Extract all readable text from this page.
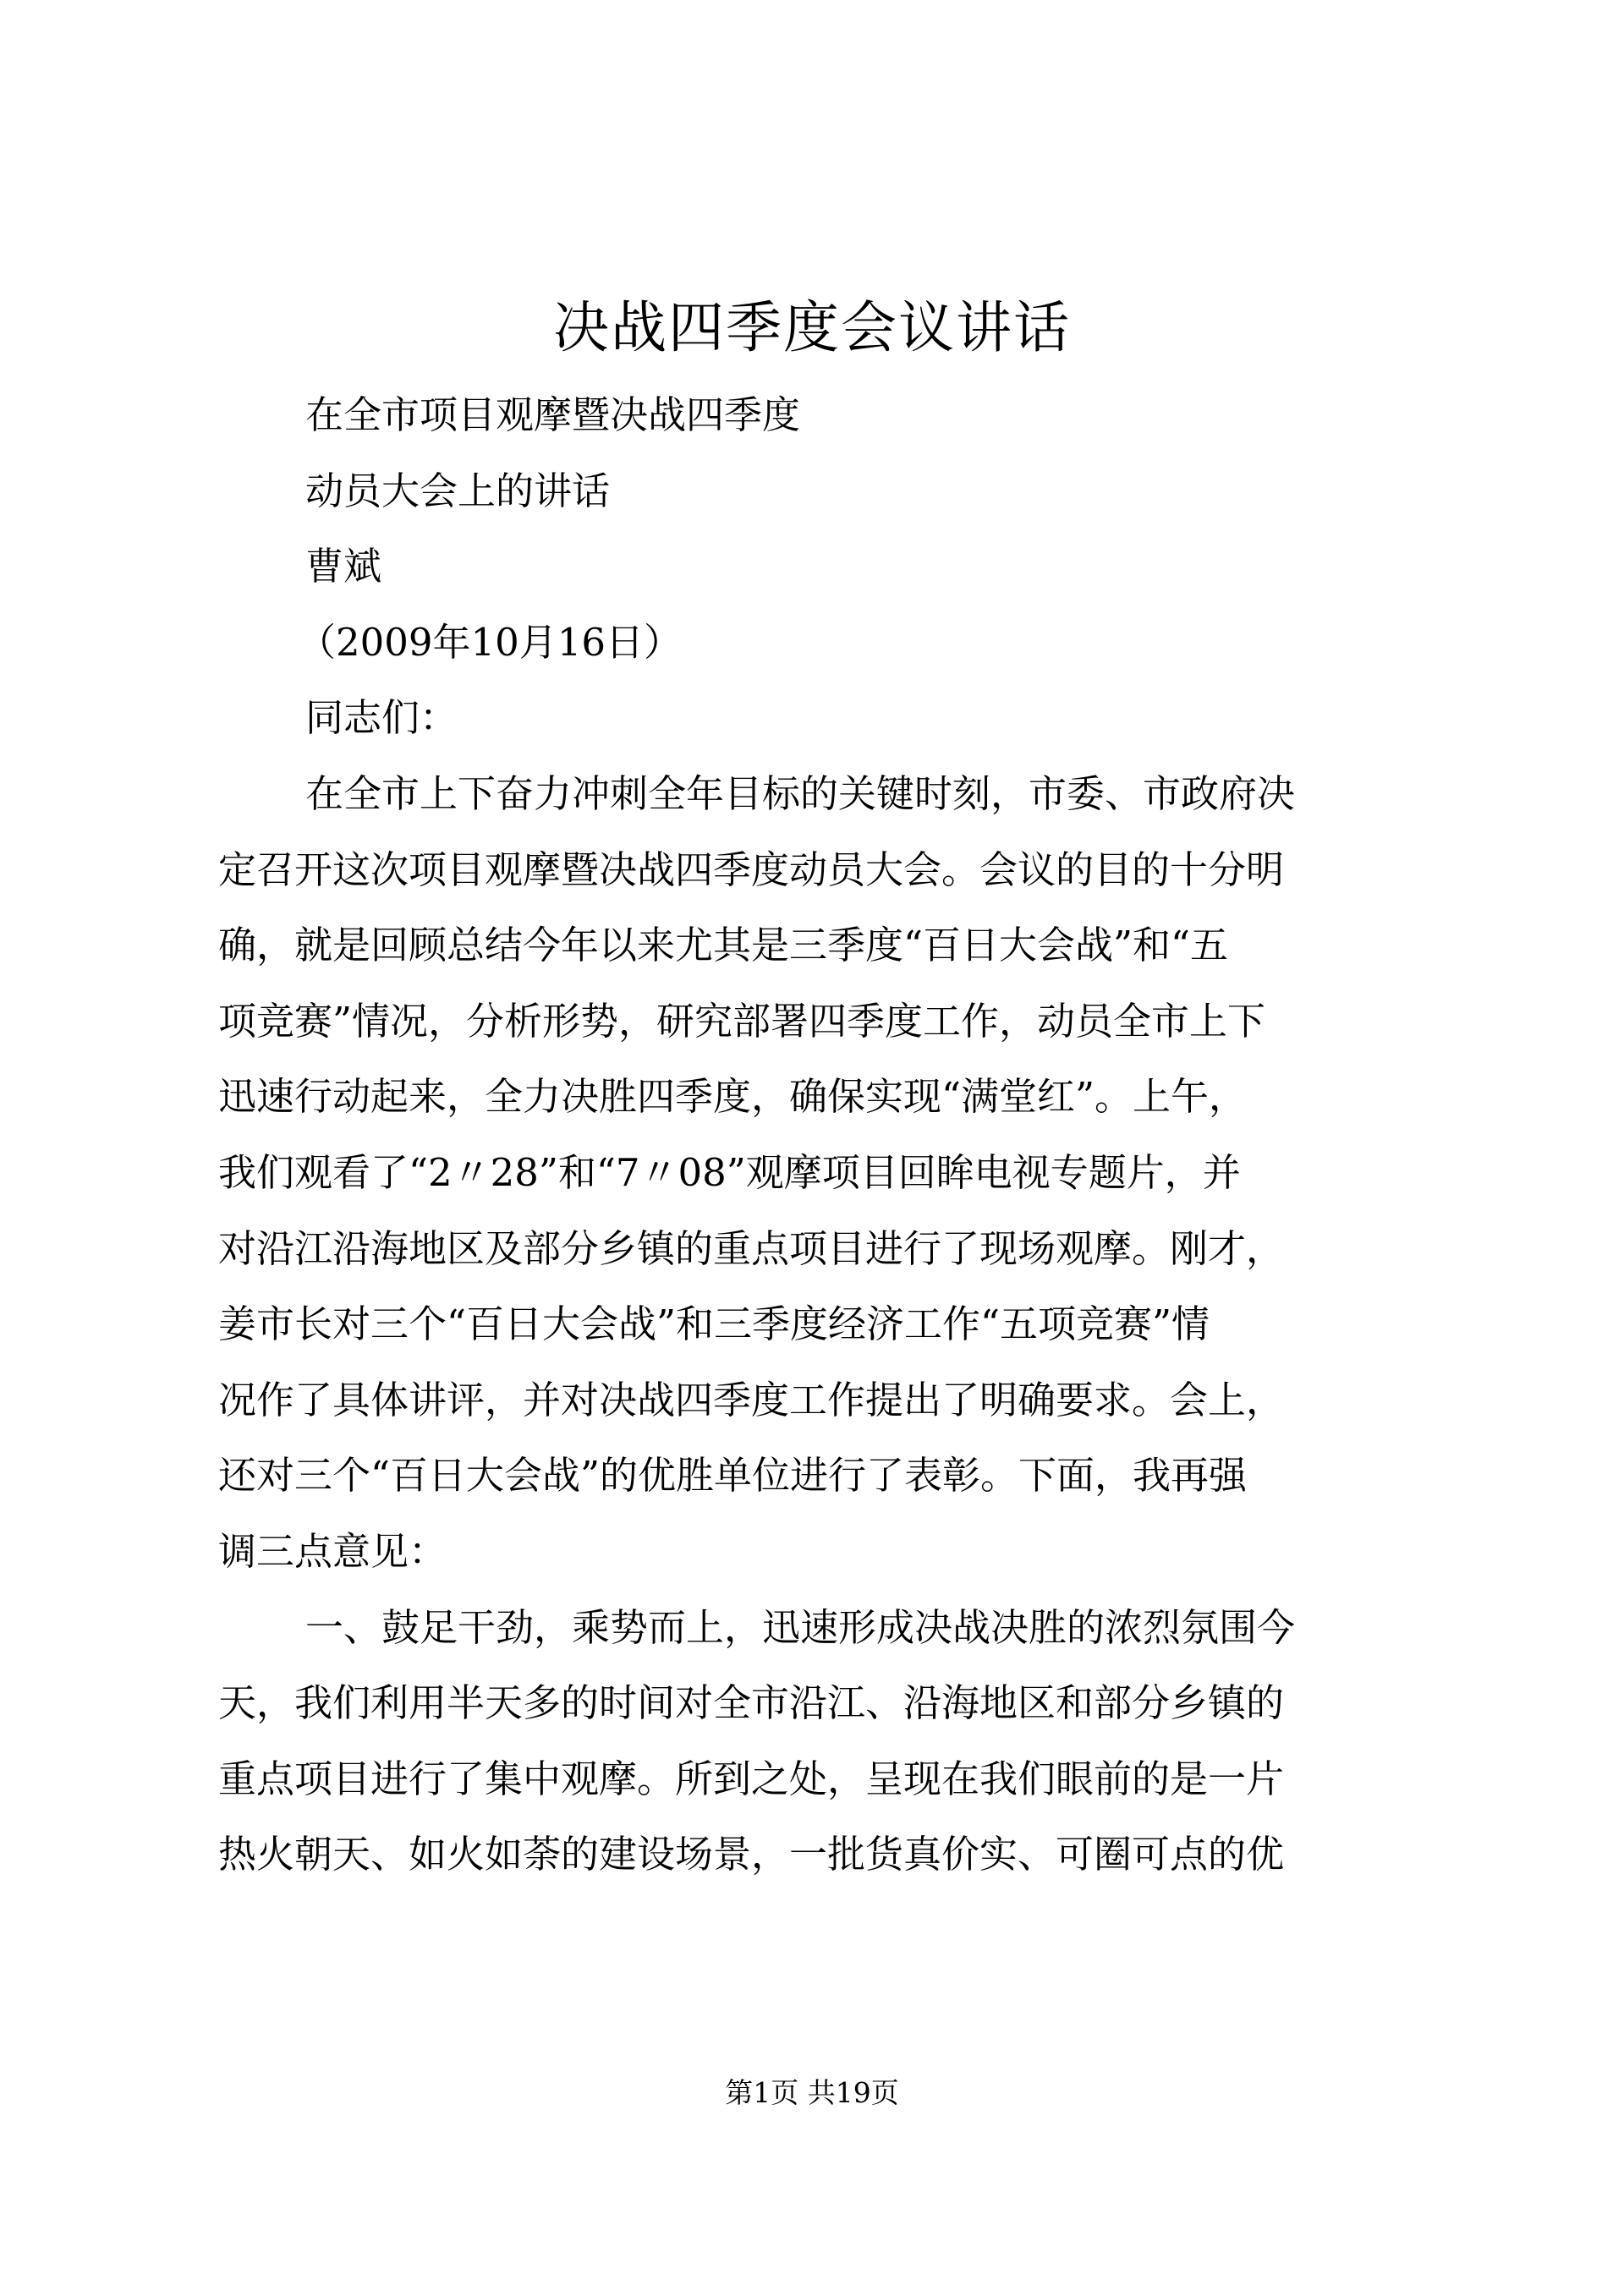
决战四季度会议讲话
在全市项目观摩暨决战四季度
动员大会上的讲话
曹斌
（2009年10月16日）
同志们：
在全市上下奋力冲刺全年目标的关键时刻，市委、市政府决
定召开这次项目观摩暨决战四季度动员大会。会议的目的十分明
确，就是回顾总结今年以来尤其是三季度“百日大会战”和“五
项竞赛”情况，分析形势，研究部署四季度工作，动员全市上下
迅速行动起来，全力决胜四季度，确保实现“满堂红”。上午，
我们观看了“2〃28”和“7〃08”观摩项目回眸电视专题片，并
对沿江沿海地区及部分乡镇的重点项目进行了现场观摩。刚才，
姜市长对三个“百日大会战”和三季度经济工作“五项竞赛”情
况作了具体讲评，并对决战四季度工作提出了明确要求。会上，
还对三个“百日大会战”的优胜单位进行了表彰。下面，我再强
调三点意见：
一、鼓足干劲，乘势而上，迅速形成决战决胜的浓烈氛围今
天，我们利用半天多的时间对全市沿江、沿海地区和部分乡镇的
重点项目进行了集中观摩。所到之处，呈现在我们眼前的是一片
热火朝天、如火如荼的建设场景，一批货真价实、可圈可点的优
第1页 共19页
